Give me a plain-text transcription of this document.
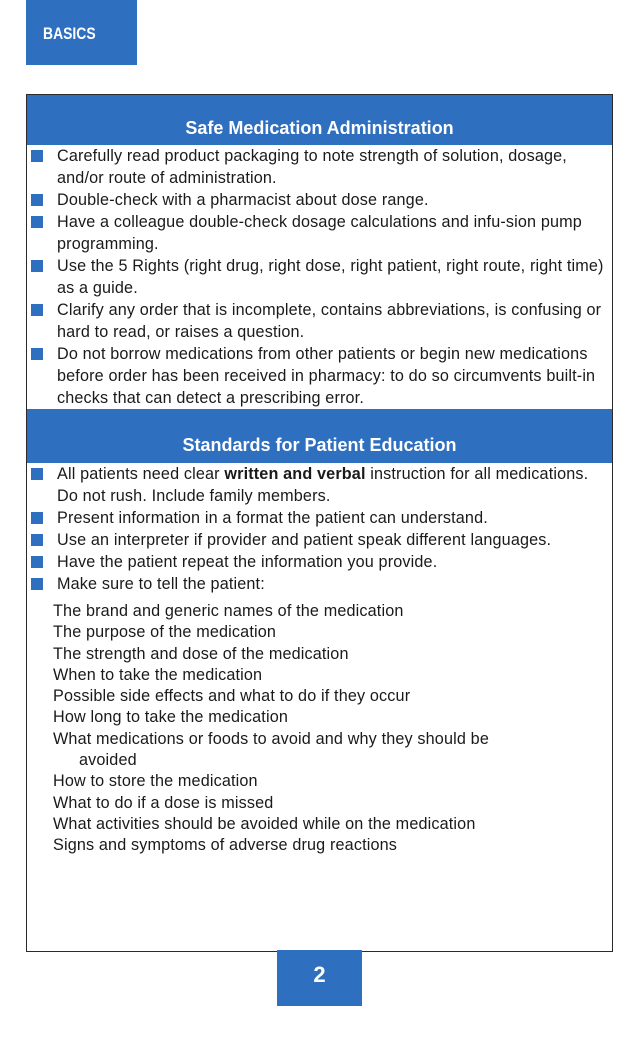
BASICS
Safe Medication Administration
Carefully read product packaging to note strength of solution, dosage, and/or route of administration.
Double-check with a pharmacist about dose range.
Have a colleague double-check dosage calculations and infu-sion pump programming.
Use the 5 Rights (right drug, right dose, right patient, right route, right time) as a guide.
Clarify any order that is incomplete, contains abbreviations, is confusing or hard to read, or raises a question.
Do not borrow medications from other patients or begin new medications before order has been received in pharmacy: to do so circumvents built-in checks that can detect a prescribing error.
Standards for Patient Education
All patients need clear written and verbal instruction for all medications. Do not rush. Include family members.
Present information in a format the patient can understand.
Use an interpreter if provider and patient speak different languages.
Have the patient repeat the information you provide.
Make sure to tell the patient:
The brand and generic names of the medication
The purpose of the medication
The strength and dose of the medication
When to take the medication
Possible side effects and what to do if they occur
How long to take the medication
What medications or foods to avoid and why they should be
avoided
How to store the medication
What to do if a dose is missed
What activities should be avoided while on the medication
Signs and symptoms of adverse drug reactions
2
